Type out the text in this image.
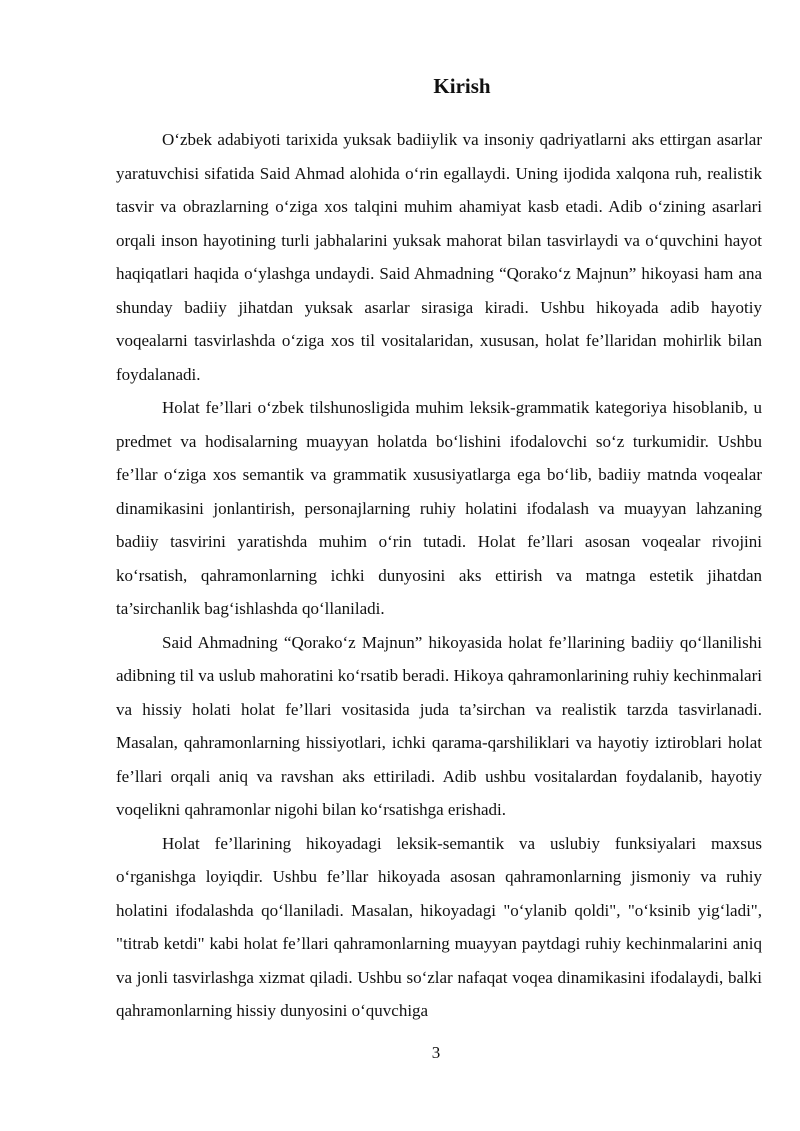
Kirish

O‘zbek adabiyoti tarixida yuksak badiiylik va insoniy qadriyatlarni aks ettirgan asarlar yaratuvchisi sifatida Said Ahmad alohida o‘rin egallaydi. Uning ijodida xalqona ruh, realistik tasvir va obrazlarning o‘ziga xos talqini muhim ahamiyat kasb etadi. Adib o‘zining asarlari orqali inson hayotining turli jabhalarini yuksak mahorat bilan tasvirlaydi va o‘quvchini hayot haqiqatlari haqida o‘ylashga undaydi. Said Ahmadning “Qorako‘z Majnun” hikoyasi ham ana shunday badiiy jihatdan yuksak asarlar sirasiga kiradi. Ushbu hikoyada adib hayotiy voqealarni tasvirlashda o‘ziga xos til vositalaridan, xususan, holat fe’llaridan mohirlik bilan foydalanadi.

Holat fe’llari o‘zbek tilshunosligida muhim leksik-grammatik kategoriya hisoblanib, u predmet va hodisalarning muayyan holatda bo‘lishini ifodalovchi so‘z turkumidir. Ushbu fe’llar o‘ziga xos semantik va grammatik xususiyatlarga ega bo‘lib, badiiy matnda voqealar dinamikasini jonlantirish, personajlarning ruhiy holatini ifodalash va muayyan lahzaning badiiy tasvirini yaratishda muhim o‘rin tutadi. Holat fe’llari asosan voqealar rivojini ko‘rsatish, qahramonlarning ichki dunyosini aks ettirish va matnga estetik jihatdan ta’sirchanlik bag‘ishlashda qo‘llaniladi.

Said Ahmadning “Qorako‘z Majnun” hikoyasida holat fe’llarining badiiy qo‘llanilishi adibning til va uslub mahoratini ko‘rsatib beradi. Hikoya qahramonlarining ruhiy kechinmalari va hissiy holati holat fe’llari vositasida juda ta’sirchan va realistik tarzda tasvirlanadi. Masalan, qahramonlarning hissiyotlari, ichki qarama-qarshiliklari va hayotiy iztiroblari holat fe’llari orqali aniq va ravshan aks ettiriladi. Adib ushbu vositalardan foydalanib, hayotiy voqelikni qahramonlar nigohi bilan ko‘rsatishga erishadi.

Holat fe’llarining hikoyadagi leksik-semantik va uslubiy funksiyalari maxsus o‘rganishga loyiqdir. Ushbu fe’llar hikoyada asosan qahramonlarning jismoniy va ruhiy holatini ifodalashda qo‘llaniladi. Masalan, hikoyadagi "o‘ylanib qoldi", "o‘ksinib yig‘ladi", "titrab ketdi" kabi holat fe’llari qahramonlarning muayyan paytdagi ruhiy kechinmalarini aniq va jonli tasvirlashga xizmat qiladi. Ushbu so‘zlar nafaqat voqea dinamikasini ifodalaydi, balki qahramonlarning hissiy dunyosini o‘quvchiga

3
